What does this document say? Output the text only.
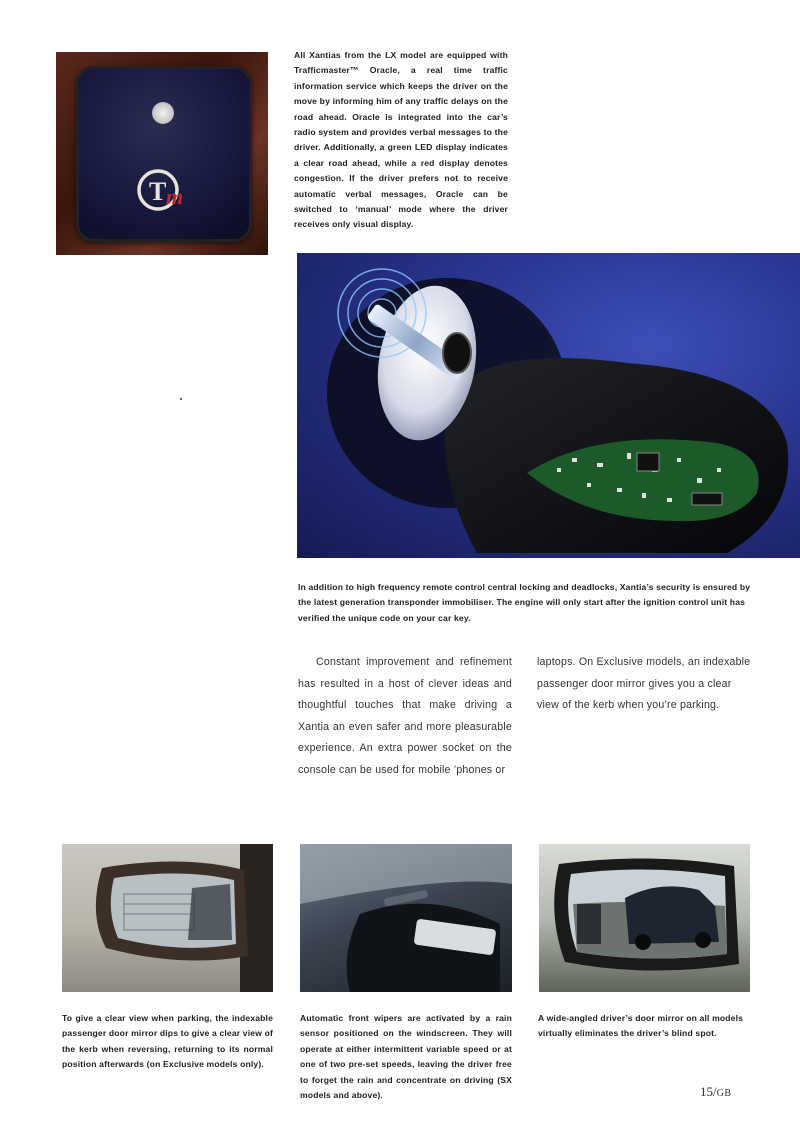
T m
All Xantias from the LX model are equipped with Trafficmaster™ Oracle, a real time traffic information service which keeps the driver on the move by informing him of any traffic delays on the road ahead. Oracle is integrated into the car’s radio system and provides verbal messages to the driver. Additionally, a green LED display indicates a clear road ahead, while a red display denotes congestion. If the driver prefers not to receive automatic verbal messages, Oracle can be switched to ‘manual’ mode where the driver receives only visual display.
In addition to high frequency remote control central locking and deadlocks, Xantia’s security is ensured by the latest generation transponder immobiliser. The engine will only start after the ignition control unit has verified the unique code on your car key.
Constant improvement and refinement has resulted in a host of clever ideas and thoughtful touches that make driving a Xantia an even safer and more pleasurable experience. An extra power socket on the console can be used for mobile ’phones or
laptops. On Exclusive models, an indexable passenger door mirror gives you a clear view of the kerb when you’re parking.
To give a clear view when parking, the indexable passenger door mirror dips to give a clear view of the kerb when reversing, returning to its normal position afterwards (on Exclusive models only).
Automatic front wipers are activated by a rain sensor positioned on the windscreen. They will operate at either intermittent variable speed or at one of two pre-set speeds, leaving the driver free to forget the rain and concentrate on driving (SX models and above).
A wide-angled driver’s door mirror on all models virtually eliminates the driver’s blind spot.
15/GB
